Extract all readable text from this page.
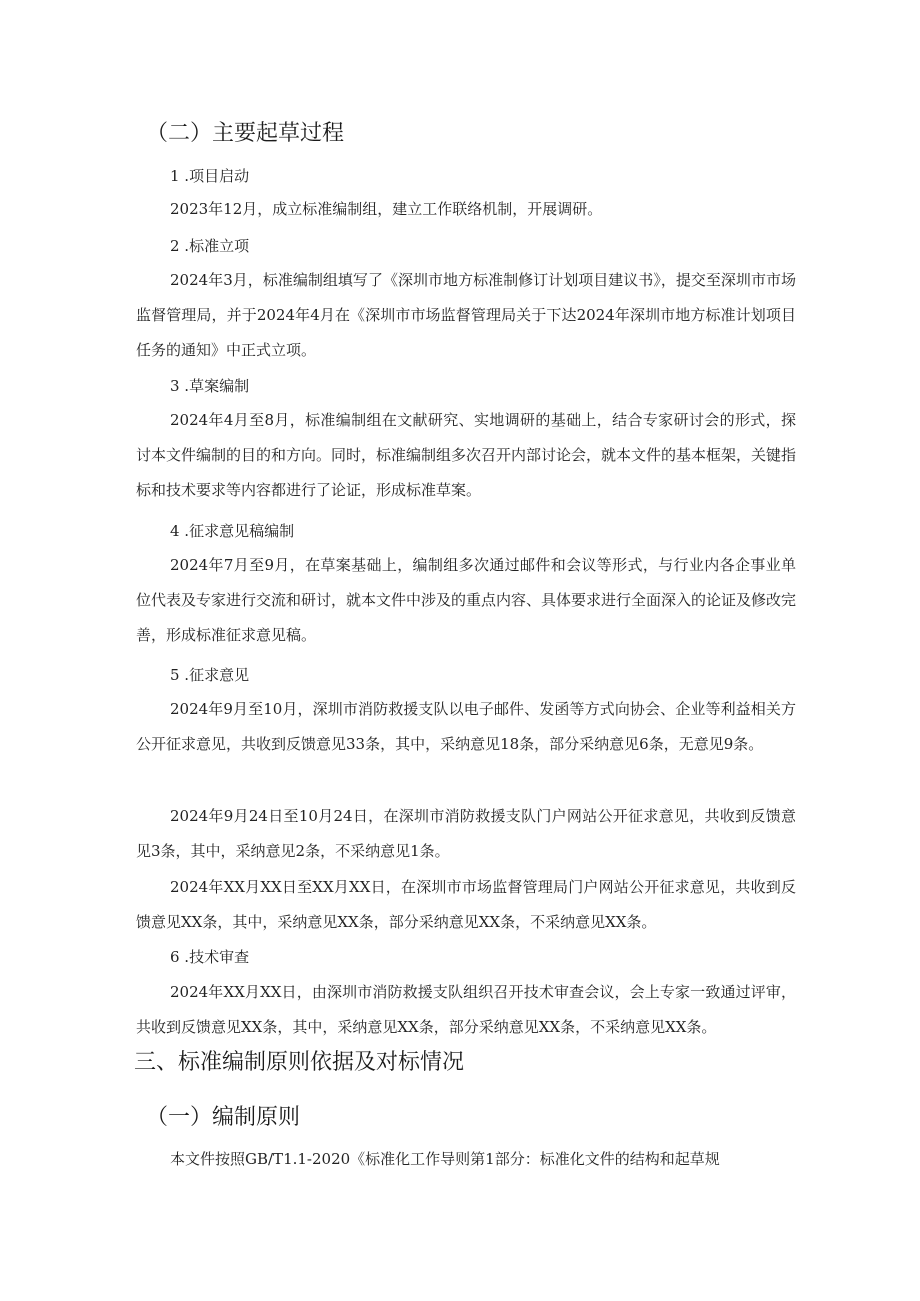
（二）主要起草过程
1 .项目启动
2023年12月，成立标准编制组，建立工作联络机制，开展调研。
2 .标准立项
2024年3月，标准编制组填写了《深圳市地方标准制修订计划项目建议书》，提交至深圳市市场监督管理局，并于2024年4月在《深圳市市场监督管理局关于下达2024年深圳市地方标准计划项目任务的通知》中正式立项。
3 .草案编制
2024年4月至8月，标准编制组在文献研究、实地调研的基础上，结合专家研讨会的形式，探讨本文件编制的目的和方向。同时，标准编制组多次召开内部讨论会，就本文件的基本框架，关键指标和技术要求等内容都进行了论证，形成标准草案。
4 .征求意见稿编制
2024年7月至9月，在草案基础上，编制组多次通过邮件和会议等形式，与行业内各企事业单位代表及专家进行交流和研讨，就本文件中涉及的重点内容、具体要求进行全面深入的论证及修改完善，形成标准征求意见稿。
5 .征求意见
2024年9月至10月，深圳市消防救援支队以电子邮件、发函等方式向协会、企业等利益相关方公开征求意见，共收到反馈意见33条，其中，采纳意见18条，部分采纳意见6条，无意见9条。
2024年9月24日至10月24日，在深圳市消防救援支队门户网站公开征求意见，共收到反馈意见3条，其中，采纳意见2条，不采纳意见1条。
2024年XX月XX日至XX月XX日，在深圳市市场监督管理局门户网站公开征求意见，共收到反馈意见XX条，其中，采纳意见XX条，部分采纳意见XX条，不采纳意见XX条。
6 .技术审查
2024年XX月XX日，由深圳市消防救援支队组织召开技术审查会议，会上专家一致通过评审，共收到反馈意见XX条，其中，采纳意见XX条，部分采纳意见XX条，不采纳意见XX条。
三、标准编制原则依据及对标情况
（一）编制原则
本文件按照GB/T1.1-2020《标准化工作导则第1部分：标准化文件的结构和起草规
